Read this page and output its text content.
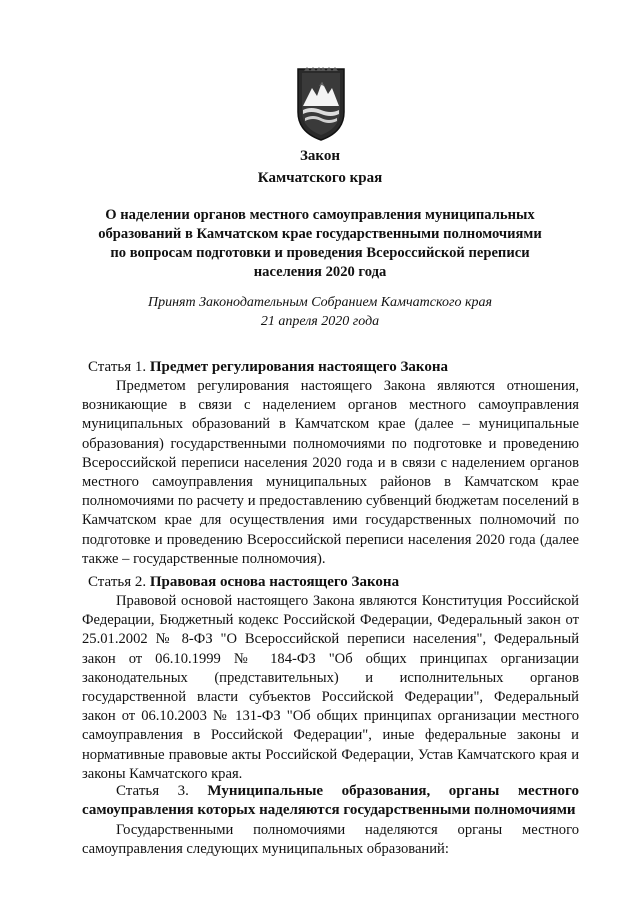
Закон
Камчатского края
О наделении органов местного самоуправления муниципальных образований в Камчатском крае государственными полномочиями по вопросам подготовки и проведения Всероссийской переписи населения 2020 года
Принят Законодательным Собранием Камчатского края
21 апреля 2020 года
Статья 1. Предмет регулирования настоящего Закона
Предметом регулирования настоящего Закона являются отношения, возникающие в связи с наделением органов местного самоуправления муниципальных образований в Камчатском крае (далее – муниципальные образования) государственными полномочиями по подготовке и проведению Всероссийской переписи населения 2020 года и в связи с наделением органов местного самоуправления муниципальных районов в Камчатском крае полномочиями по расчету и предоставлению субвенций бюджетам поселений в Камчатском крае для осуществления ими государственных полномочий по подготовке и проведению Всероссийской переписи населения 2020 года (далее также – государственные полномочия).
Статья 2. Правовая основа настоящего Закона
Правовой основой настоящего Закона являются Конституция Российской Федерации, Бюджетный кодекс Российской Федерации, Федеральный закон от 25.01.2002 № 8-ФЗ "О Всероссийской переписи населения", Федеральный закон от 06.10.1999 № 184-ФЗ "Об общих принципах организации законодательных (представительных) и исполнительных органов государственной власти субъектов Российской Федерации", Федеральный закон от 06.10.2003 № 131-ФЗ "Об общих принципах организации местного самоуправления в Российской Федерации", иные федеральные законы и нормативные правовые акты Российской Федерации, Устав Камчатского края и законы Камчатского края.
Статья 3. Муниципальные образования, органы местного самоуправления которых наделяются государственными полномочиями
Государственными полномочиями наделяются органы местного самоуправления следующих муниципальных образований:
